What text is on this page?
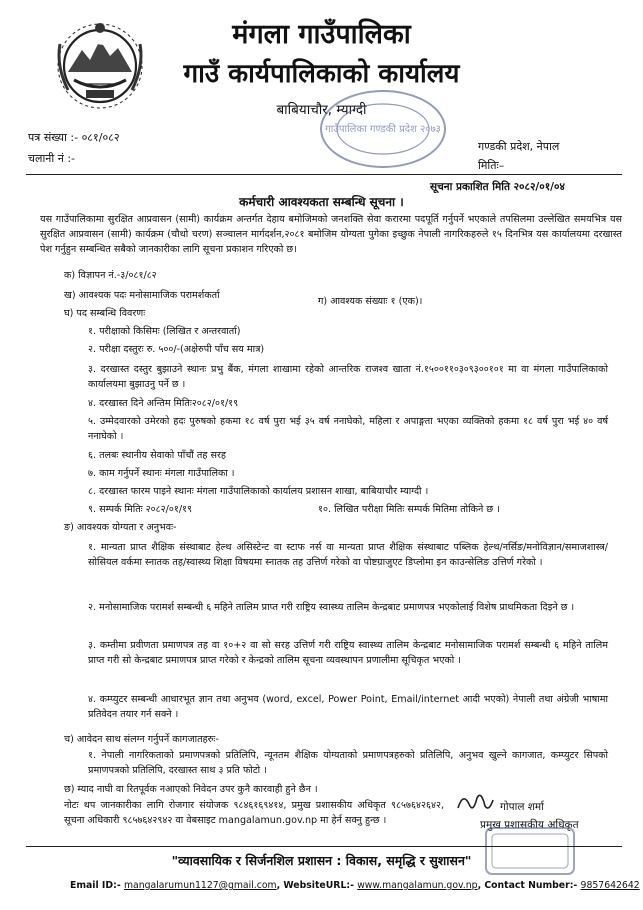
मंगला गाउँपालिका
गाउँ कार्यपालिकाको कार्यालय
बाबियाचौर, म्याग्दी
गाउँपालिका गण्डकी प्रदेश २०७३
पत्र संख्या :- ०८१/०८२
चलानी नं :-
गण्डकी प्रदेश, नेपाल
मितिः–
सूचना प्रकाशित मिति २०८२/०१/०४
कर्मचारी आवश्यकता सम्बन्धि सूचना ।
यस गाउँपालिकामा सुरक्षित आप्रवासन (सामी) कार्यक्रम अन्तर्गत देहाय बमोजिमको जनशक्ति सेवा करारमा पदपूर्ति गर्नुपर्ने भएकाले तपसिलमा उल्लेखित समयभित्र यस सुरक्षित आप्रवासन (सामी) कार्यक्रम (चौथो चरण) सञ्चालन मार्गदर्शन,२०८१ बमोजिम योग्यता पुगेका इच्छुक नेपाली नागरिकहरुले १५ दिनभित्र यस कार्यालयमा दरखास्त पेश गर्नुहुन सम्बन्धित सबैको जानकारीका लागि सूचना प्रकाशन गरिएको छ।
क) विज्ञापन नं.-३/०८१/८२
ख) आवश्यक पदः मनोसामाजिक परामर्शकर्ता
ग) आवश्यक संख्याः १ (एक)।
घ) पद सम्बन्धि विवरणः
१. परीक्षाको किसिमः (लिखित र अन्तरवार्ता)
२. परीक्षा दस्तुरः रु. ५००/-(अक्षेरुपी पाँच सय मात्र)
३. दरखास्त दस्तुर बुझाउने स्थानः प्रभु बैंक, मंगला शाखामा रहेको आन्तरिक राजश्व खाता नं.१५००११०३०९३००१०१ मा वा मंगला गाउँपालिकाको कार्यालयमा बुझाउनु पर्ने छ ।
४. दरखास्त दिने अन्तिम मितिः२०८२/०१/१९
५. उम्मेदवारको उमेरको हदः पुरुषको हकमा १८ वर्ष पुरा भई ३५ वर्ष ननाघेको, महिला र अपाङ्गता भएका व्यक्तिको हकमा १८ वर्ष पुरा भई ४० वर्ष ननाघेको ।
६. तलबः स्थानीय सेवाको पाँचौं तह सरह
७. काम गर्नुपर्ने स्थानः मंगला गाउँपालिका ।
८. दरखास्त फारम पाइने स्थानः मंगला गाउँपालिकाको कार्यालय प्रशासन शाखा, बाबियाचौर म्याग्दी ।
९. सम्पर्क मितिः २०८२/०१/१९	१०. लिखित परीक्षा मितिः सम्पर्क मितिमा तोकिने छ ।
ङ) आवश्यक योग्यता र अनुभवः-
१. मान्यता प्राप्त शैक्षिक संस्थाबाट हेल्थ असिस्टेन्ट वा स्टाफ नर्स वा मान्यता प्राप्त शैक्षिक संस्थाबाट पब्लिक हेल्थ/नर्सिङ/मनोविज्ञान/समाजशास्त्र/सोसियल वर्कमा स्नातक तह/स्वास्थ्य शिक्षा विषयमा स्नातक तह उत्तिर्ण गरेको वा पोष्टग्राजुएट डिप्लोमा इन काउन्सेलिङ उत्तिर्ण गरेको ।
२. मनोसामाजिक परामर्श सम्बन्धी ६ महिने तालिम प्राप्त गरी राष्ट्रिय स्वास्थ्य तालिम केन्द्रबाट प्रमाणपत्र भएकोलाई विशेष प्राथमिकता दिइने छ ।
३. कम्तीमा प्रवीणता प्रमाणपत्र तह वा १०+२ वा सो सरह उत्तिर्ण गरी राष्ट्रिय स्वास्थ्य तालिम केन्द्रबाट मनोसामाजिक परामर्श सम्बन्धी ६ महिने तालिम प्राप्त गरी सो केन्द्रबाट प्रमाणपत्र प्राप्त गरेको र केन्द्रको तालिम सूचना व्यवस्थापन प्रणालीमा सूचिकृत भएको ।
४. कम्प्युटर सम्बन्धी आधारभूत ज्ञान तथा अनुभव (word, excel, Power Point, Email/internet आदी भएको) नेपाली तथा अंग्रेजी भाषामा प्रतिवेदन तयार गर्न सक्ने ।
च) आवेदन साथ संलग्न गर्नुपर्ने कागजातहरुः-
१. नेपाली नागरिकताको प्रमाणपत्रको प्रतिलिपि, न्यूनतम शैक्षिक योग्यताको प्रमाणपत्रहरुको प्रतिलिपि, अनुभव खुल्ने कागजात, कम्प्युटर सिपको प्रमाणपत्रको प्रतिलिपि, दरखास्त साथ ३ प्रति फोटो ।
छ) म्याद नाघी वा रितपूर्वक नआएको निवेदन उपर कुनै कारवाही हुने छैन ।
नोटः थप जानकारीका लागि रोजगार संयोजक ९८४६१६९४१४, प्रमुख प्रशासकीय अधिकृत ९८५७६४२६४२, सूचना अधिकारी ९८५७६४२९४२ वा वेबसाइट mangalamun.gov.np मा हेर्न सक्नु हुन्छ ।
गोपाल शर्मा
प्रमुख प्रशासकीय अधिकृत
"व्यावसायिक र सिर्जनशिल प्रशासन : विकास, समृद्धि र सुशासन"
Email ID:- mangalarumun1127@gmail.com, WebsiteURL:- www.mangalamun.gov.np, Contact Number:- 9857642642
